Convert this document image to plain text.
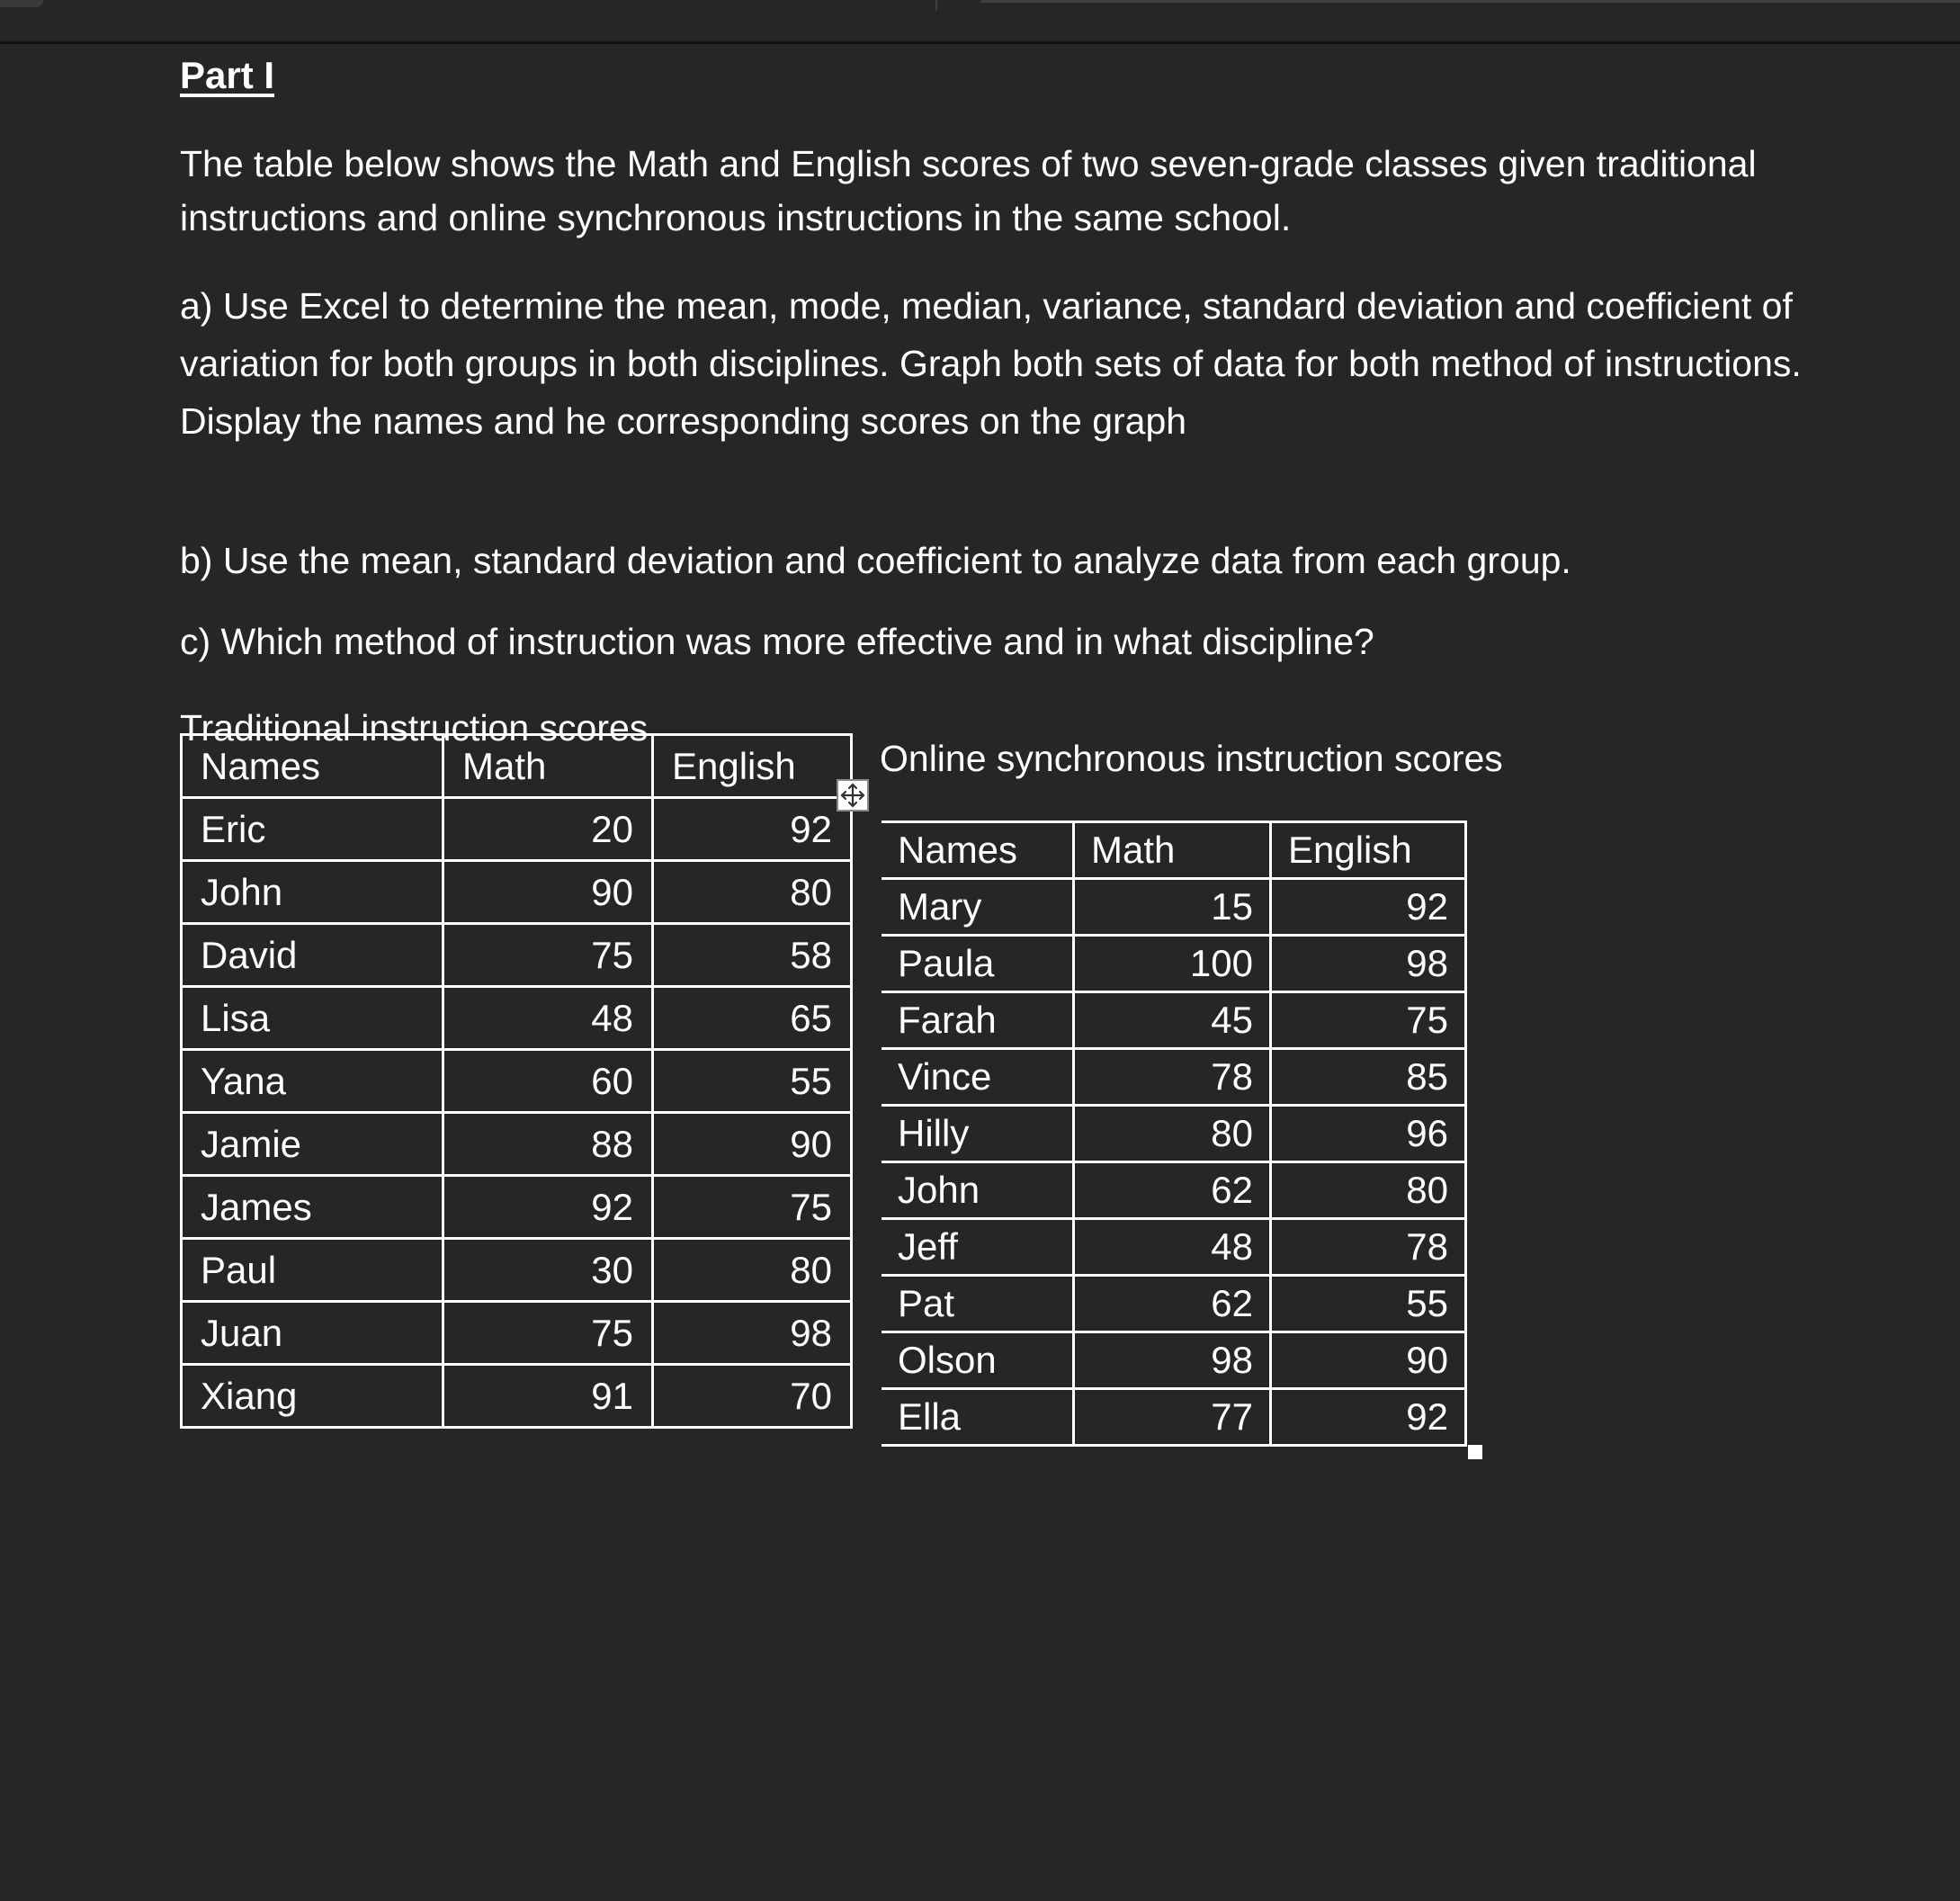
Part I
The table below shows the Math and English scores of two seven-grade classes given traditional instructions and online synchronous instructions in the same school.
a) Use Excel to determine the mean, mode, median, variance, standard deviation and coefficient of variation for both groups in both disciplines. Graph both sets of data for both method of instructions. Display the names and he corresponding scores on the graph
b) Use the mean, standard deviation and coefficient to analyze data from each group.
c) Which method of instruction was more effective and in what discipline?
Traditional instruction scores
Names	Math	English
Eric	20	92
John	90	80
David	75	58
Lisa	48	65
Yana	60	55
Jamie	88	90
James	92	75
Paul	30	80
Juan	75	98
Xiang	91	70
Online synchronous instruction scores
Names	Math	English
Mary	15	92
Paula	100	98
Farah	45	75
Vince	78	85
Hilly	80	96
John	62	80
Jeff	48	78
Pat	62	55
Olson	98	90
Ella	77	92
